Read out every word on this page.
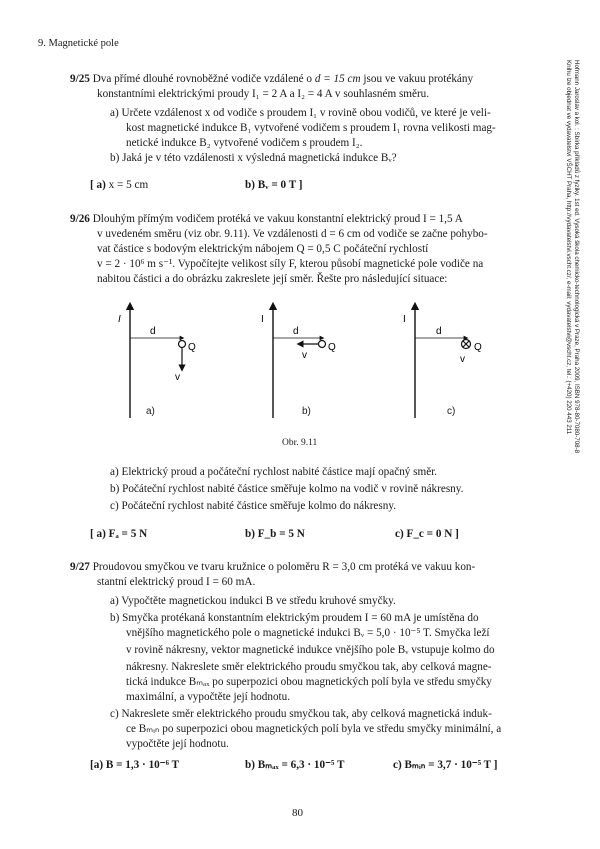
9. Magnetické pole
Hofmann Jaroslav a kol. : Sbírka příkladů z fyziky. 1st ed. Vysoká škola chemicko-technologická v Praze, Praha 2009, ISBN 978-80-7080-708-8
Knihu lze objednat ve vydavatelství VŠCHT Praha, http://vydavatelstvi.vscht.cz/, e-mail: vydavatelstvi@vscht.cz, tel.: (+420) 220 443 211

9/25 Dva přímé dlouhé rovnoběžné vodiče vzdálené o d = 15 cm jsou ve vakuu protékány

konstantními elektrickými proudy I₁ = 2 A a I₂ = 4 A v souhlasném směru.

a) Určete vzdálenost x od vodiče s proudem I₁ v rovině obou vodičů, ve které je veli-

kost magnetické indukce B₁ vytvořené vodičem s proudem I₁ rovna velikosti mag-

netické indukce B₂ vytvořené vodičem s proudem I₂.

b) Jaká je v této vzdálenosti x výsledná magnetická indukce Bᵥ?

[ a) x = 5 cm	b) Bᵥ = 0 T ]

9/26 Dlouhým přímým vodičem protéká ve vakuu konstantní elektrický proud I = 1,5 A

v uvedeném směru (viz obr. 9.11). Ve vzdálenosti d = 6 cm od vodiče se začne pohybo-

vat částice s bodovým elektrickým nábojem Q = 0,5 C počáteční rychlostí

v = 2 · 10⁶ m s⁻¹. Vypočítejte velikost síly F, kterou působí magnetické pole vodiče na

nabitou částici a do obrázku zakreslete její směr. Řešte pro následující situace:

I
d
Q
v
I
d
Q
v
I
d
Q
v
a)	b)	c)
Obr. 9.11

a) Elektrický proud a počáteční rychlost nabité částice mají opačný směr.

b) Počáteční rychlost nabité částice směřuje kolmo na vodič v rovině nákresny.

c) Počáteční rychlost nabité částice směřuje kolmo do nákresny.

[ a) Fₐ = 5 N	b) F_b = 5 N	c) F_c = 0 N ]

9/27 Proudovou smyčkou ve tvaru kružnice o poloměru R = 3,0 cm protéká ve vakuu kon-

stantní elektrický proud I = 60 mA.

a) Vypočtěte magnetickou indukci B ve středu kruhové smyčky.

b) Smyčka protékaná konstantním elektrickým proudem I = 60 mA je umístěna do

vnějšího magnetického pole o magnetické indukci Bᵥ = 5,0 · 10⁻⁵ T. Smyčka leží

v rovině nákresny, vektor magnetické indukce vnějšího pole Bᵥ vstupuje kolmo do

nákresny. Nakreslete směr elektrického proudu smyčkou tak, aby celková magne-

tická indukce Bₘₐₓ po superpozici obou magnetických polí byla ve středu smyčky

maximální, a vypočtěte její hodnotu.

c) Nakreslete směr elektrického proudu smyčkou tak, aby celková magnetická induk-

ce Bₘᵢₙ po superpozici obou magnetických polí byla ve středu smyčky minimální, a

vypočtěte její hodnotu.

[a) B = 1,3 · 10⁻⁶ T	b) Bₘₐₓ = 6,3 · 10⁻⁵ T	c) Bₘᵢₙ = 3,7 · 10⁻⁵ T ]
80
